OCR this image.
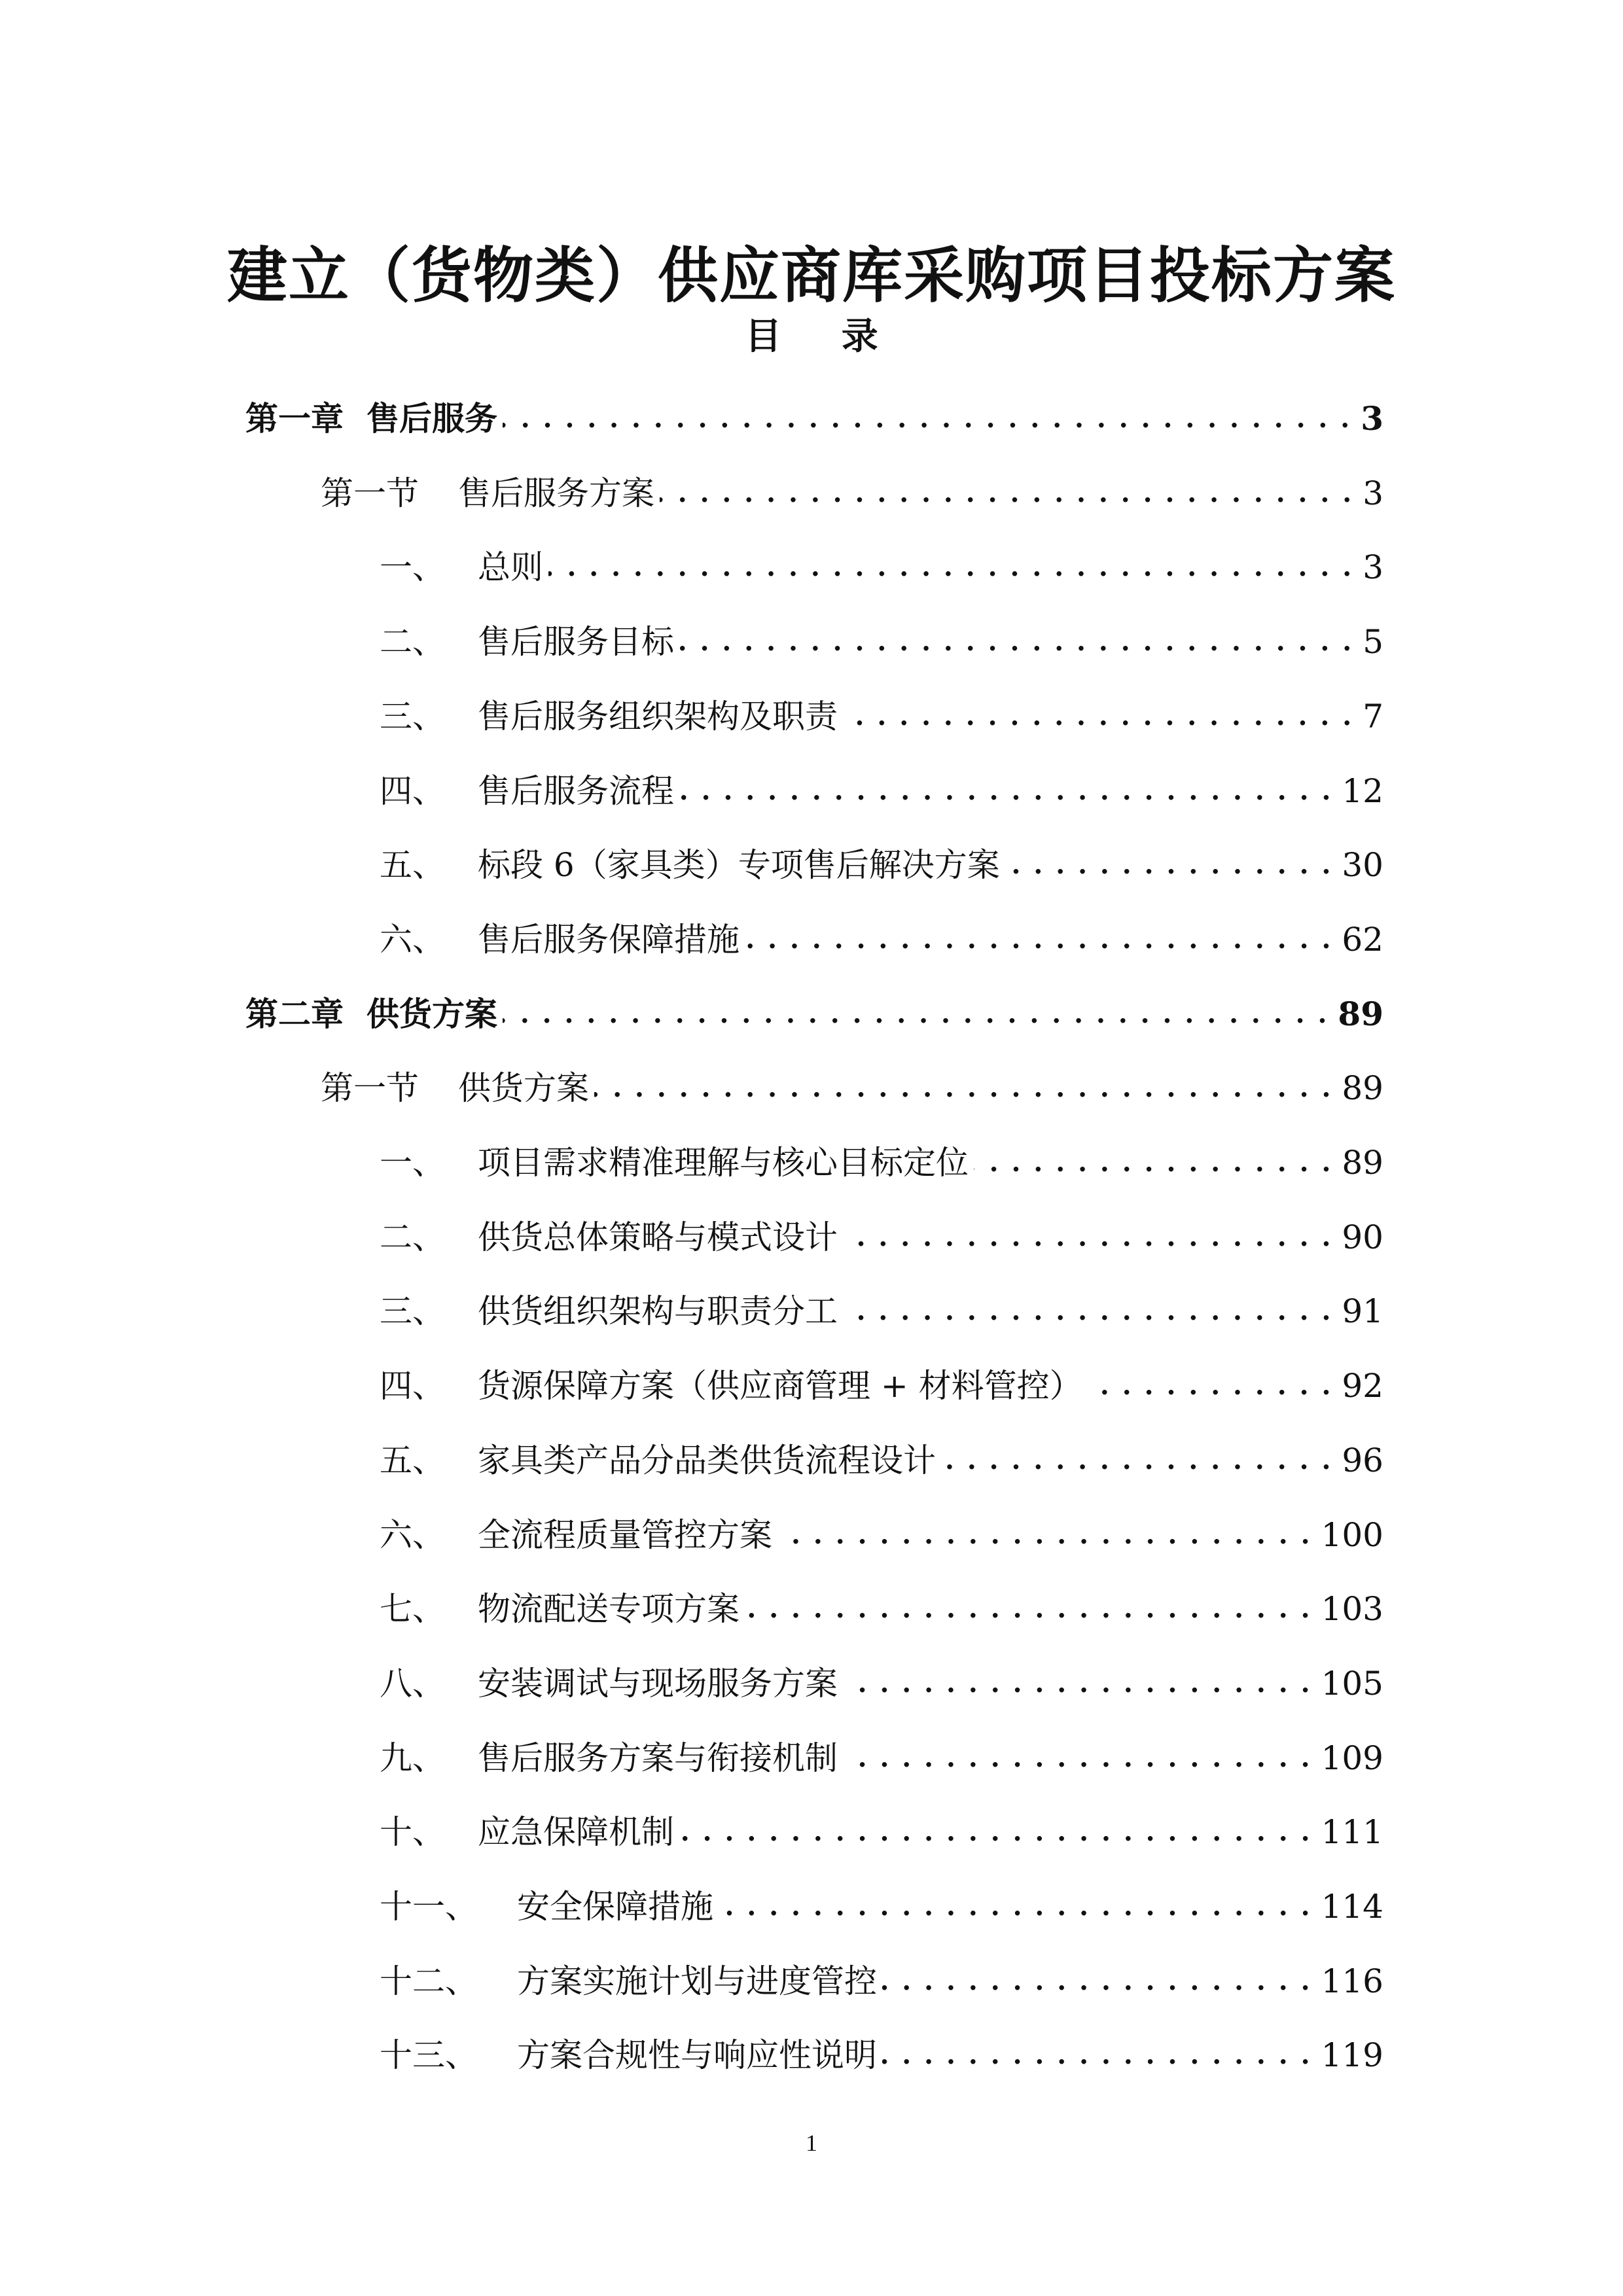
建立（货物类）供应商库采购项目投标方案
目 录
第一章 售后服务 . . .	3
第一节	售后服务方案 . . .	3
一、	总则 . . .	3
二、	售后服务目标 . . .	5
三、	售后服务组织架构及职责 . . .	7
四、	售后服务流程 . . .	12
五、	标段 6（家具类）专项售后解决方案 . . .	30
六、	售后服务保障措施 . . .	62
第二章 供货方案 . . .	89
第一节	供货方案 . . .	89
一、	项目需求精准理解与核心目标定位 . . .	89
二、	供货总体策略与模式设计 . . .	90
三、	供货组织架构与职责分工 . . .	91
四、	货源保障方案（供应商管理 + 材料管控） . . .	92
五、	家具类产品分品类供货流程设计 . . .	96
六、	全流程质量管控方案 . . .	100
七、	物流配送专项方案 . . .	103
八、	安装调试与现场服务方案 . . .	105
九、	售后服务方案与衔接机制 . . .	109
十、	应急保障机制 . . .	111
十一、	安全保障措施 . . .	114
十二、	方案实施计划与进度管控 . . .	116
十三、	方案合规性与响应性说明 . . .	119
1
